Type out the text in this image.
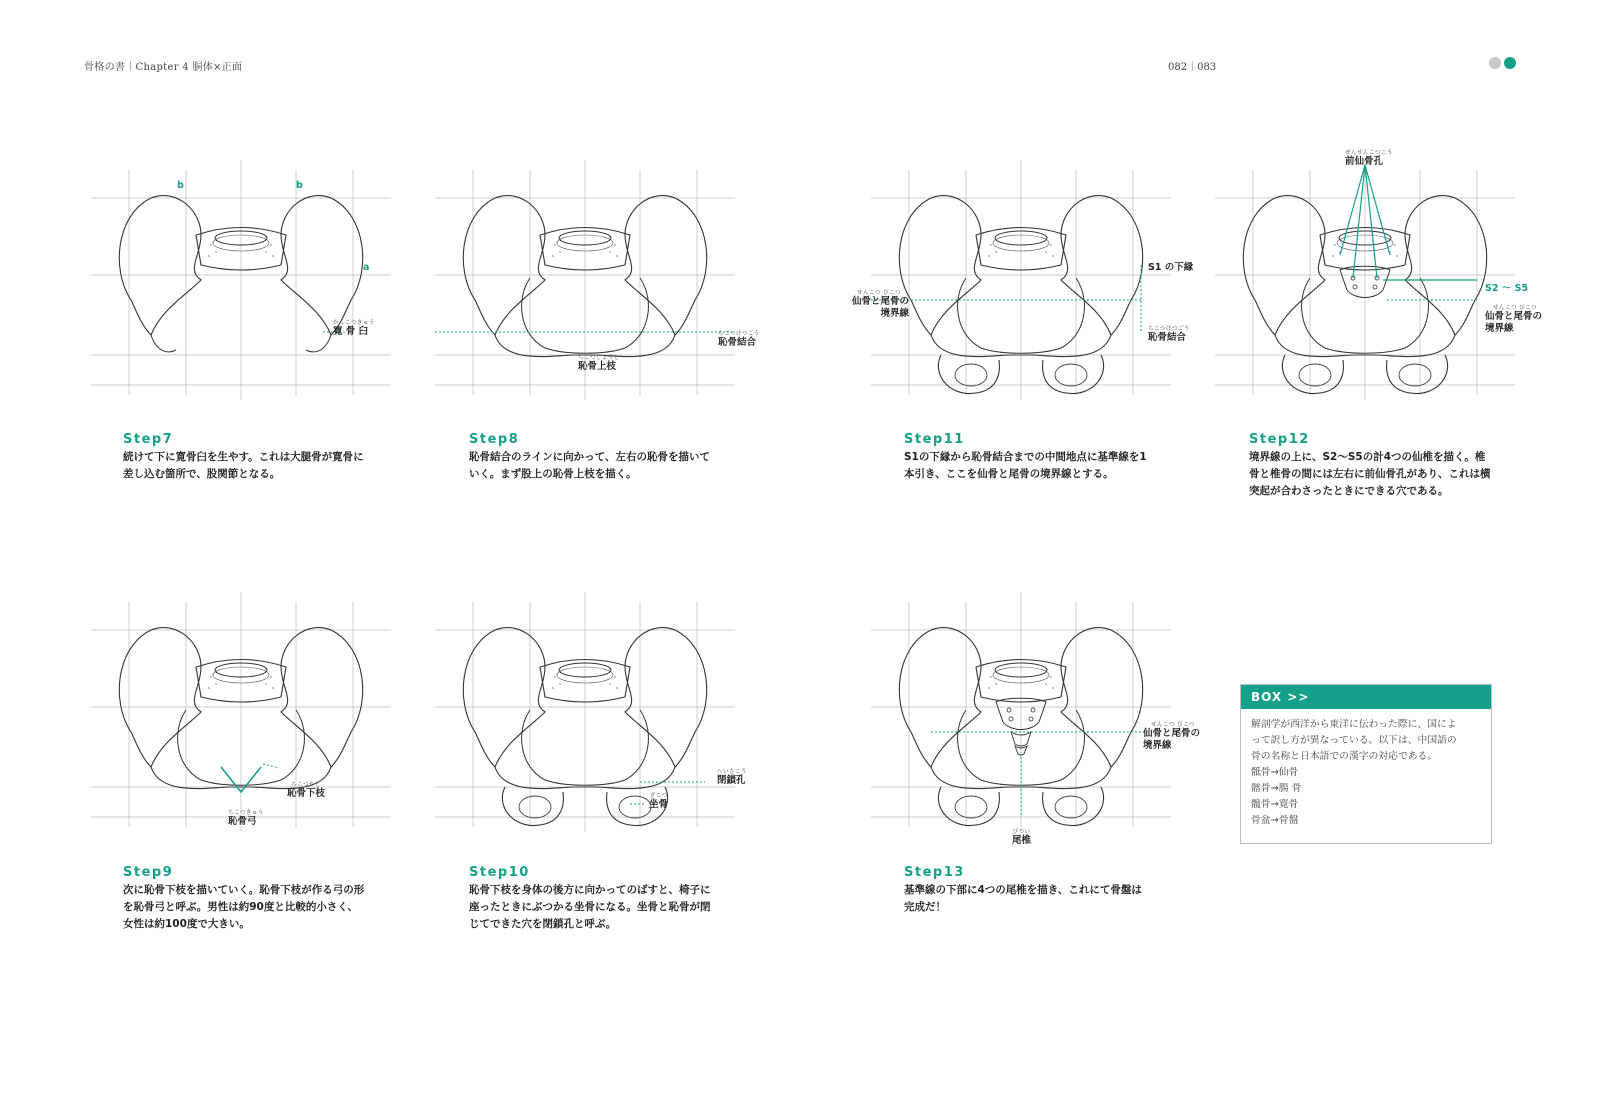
骨格の書｜Chapter 4 胴体×正面	082｜083
b	b
a
かんこつきゅう
寛 骨 臼	ちこつけつごう
恥骨結合
ちこつじょうし
恥骨上枝
S1 の下縁
せんこつ びこつ
仙骨と尾骨の境界線
ちこつけつごう
恥骨結合
ぜんせんこつこう
前仙骨孔
S2 ～ S5
せんこつ びこつ
仙骨と尾骨の境界線
Step7
続けて下に寛骨臼を生やす。これは大腿骨が寛骨に差し込む箇所で、股関節となる。
Step8
恥骨結合のラインに向かって、左右の恥骨を描いていく。まず股上の恥骨上枝を描く。
Step11
S1の下縁から恥骨結合までの中間地点に基準線を1本引き、ここを仙骨と尾骨の境界線とする。
Step12
境界線の上に、S2～S5の計4つの仙椎を描く。椎骨と椎骨の間には左右に前仙骨孔があり、これは横突起が合わさったときにできる穴である。
ちこつかし
恥骨下枝
ちこつきゅう
恥骨弓
へいさこう
閉鎖孔
ざこつ
坐骨
せんこつ びこつ
仙骨と尾骨の境界線
びつい
尾椎
Step9
次に恥骨下枝を描いていく。恥骨下枝が作る弓の形を恥骨弓と呼ぶ。男性は約90度と比較的小さく、女性は約100度で大きい。
Step10
恥骨下枝を身体の後方に向かってのばすと、椅子に座ったときにぶつかる坐骨になる。坐骨と恥骨が閉じてできた穴を閉鎖孔と呼ぶ。
Step13
基準線の下部に4つの尾椎を描き、これにて骨盤は完成だ！
BOX >>
解剖学が西洋から東洋に伝わった際に、国によ
って訳し方が異なっている。以下は、中国語の
骨の名称と日本語での漢字の対応である。
骶骨→仙骨
髂骨→腸 骨
髖骨→寛骨
骨盆→骨盤
